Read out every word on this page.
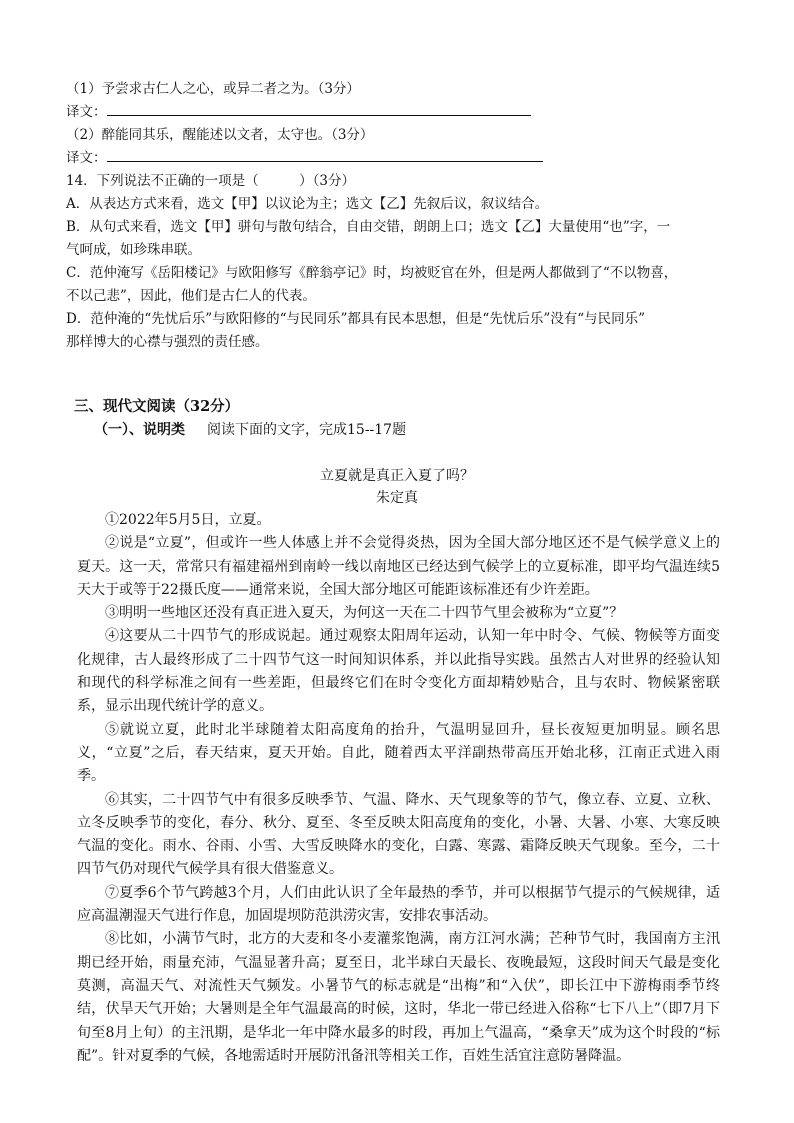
（1）予尝求古仁人之心，或异二者之为。（3分）
译文：
（2）醉能同其乐，醒能述以文者，太守也。（3分）
译文：
14．下列说法不正确的一项是（　　　）（3分）
A．从表达方式来看，选文【甲】以议论为主；选文【乙】先叙后议，叙议结合。
B．从句式来看，选文【甲】骈句与散句结合，自由交错，朗朗上口；选文【乙】大量使用“也”字，一
气呵成，如珍珠串联。
C．范仲淹写《岳阳楼记》与欧阳修写《醉翁亭记》时，均被贬官在外，但是两人都做到了“不以物喜，
不以己悲”，因此，他们是古仁人的代表。
D．范仲淹的“先忧后乐”与欧阳修的“与民同乐”都具有民本思想，但是“先忧后乐”没有“与民同乐”
那样博大的心襟与强烈的责任感。
三、现代文阅读（32分）
（一）、说明类 阅读下面的文字，完成15--17题
立夏就是真正入夏了吗？
朱定真

①2022年5月5日，立夏。

②说是“立夏”，但或许一些人体感上并不会觉得炎热，因为全国大部分地区还不是气候学意义上的夏天。这一天，常常只有福建福州到南岭一线以南地区已经达到气候学上的立夏标准，即平均气温连续5天大于或等于22摄氏度——通常来说，全国大部分地区可能距该标准还有少许差距。

③明明一些地区还没有真正进入夏天，为何这一天在二十四节气里会被称为“立夏”？

④这要从二十四节气的形成说起。通过观察太阳周年运动，认知一年中时令、气候、物候等方面变化规律，古人最终形成了二十四节气这一时间知识体系，并以此指导实践。虽然古人对世界的经验认知和现代的科学标准之间有一些差距，但最终它们在时令变化方面却精妙贴合，且与农时、物候紧密联系，显示出现代统计学的意义。

⑤就说立夏，此时北半球随着太阳高度角的抬升，气温明显回升，昼长夜短更加明显。顾名思义，“立夏”之后，春天结束，夏天开始。自此，随着西太平洋副热带高压开始北移，江南正式进入雨季。

⑥其实，二十四节气中有很多反映季节、气温、降水、天气现象等的节气，像立春、立夏、立秋、立冬反映季节的变化，春分、秋分、夏至、冬至反映太阳高度角的变化，小暑、大暑、小寒、大寒反映气温的变化。雨水、谷雨、小雪、大雪反映降水的变化，白露、寒露、霜降反映天气现象。至今，二十四节气仍对现代气候学具有很大借鉴意义。

⑦夏季6个节气跨越3个月，人们由此认识了全年最热的季节，并可以根据节气提示的气候规律，适应高温潮湿天气进行作息，加固堤坝防范洪涝灾害，安排农事活动。

⑧比如，小满节气时，北方的大麦和冬小麦灌浆饱满，南方江河水满；芒种节气时，我国南方主汛期已经开始，雨量充沛，气温显著升高；夏至日，北半球白天最长、夜晚最短，这段时间天气最是变化莫测，高温天气、对流性天气频发。小暑节气的标志就是“出梅”和“入伏”，即长江中下游梅雨季节终结，伏旱天气开始；大暑则是全年气温最高的时候，这时，华北一带已经进入俗称“七下八上”（即7月下旬至8月上旬）的主汛期，是华北一年中降水最多的时段，再加上气温高，“桑拿天”成为这个时段的“标配”。针对夏季的气候，各地需适时开展防汛备汛等相关工作，百姓生活宜注意防暑降温。
